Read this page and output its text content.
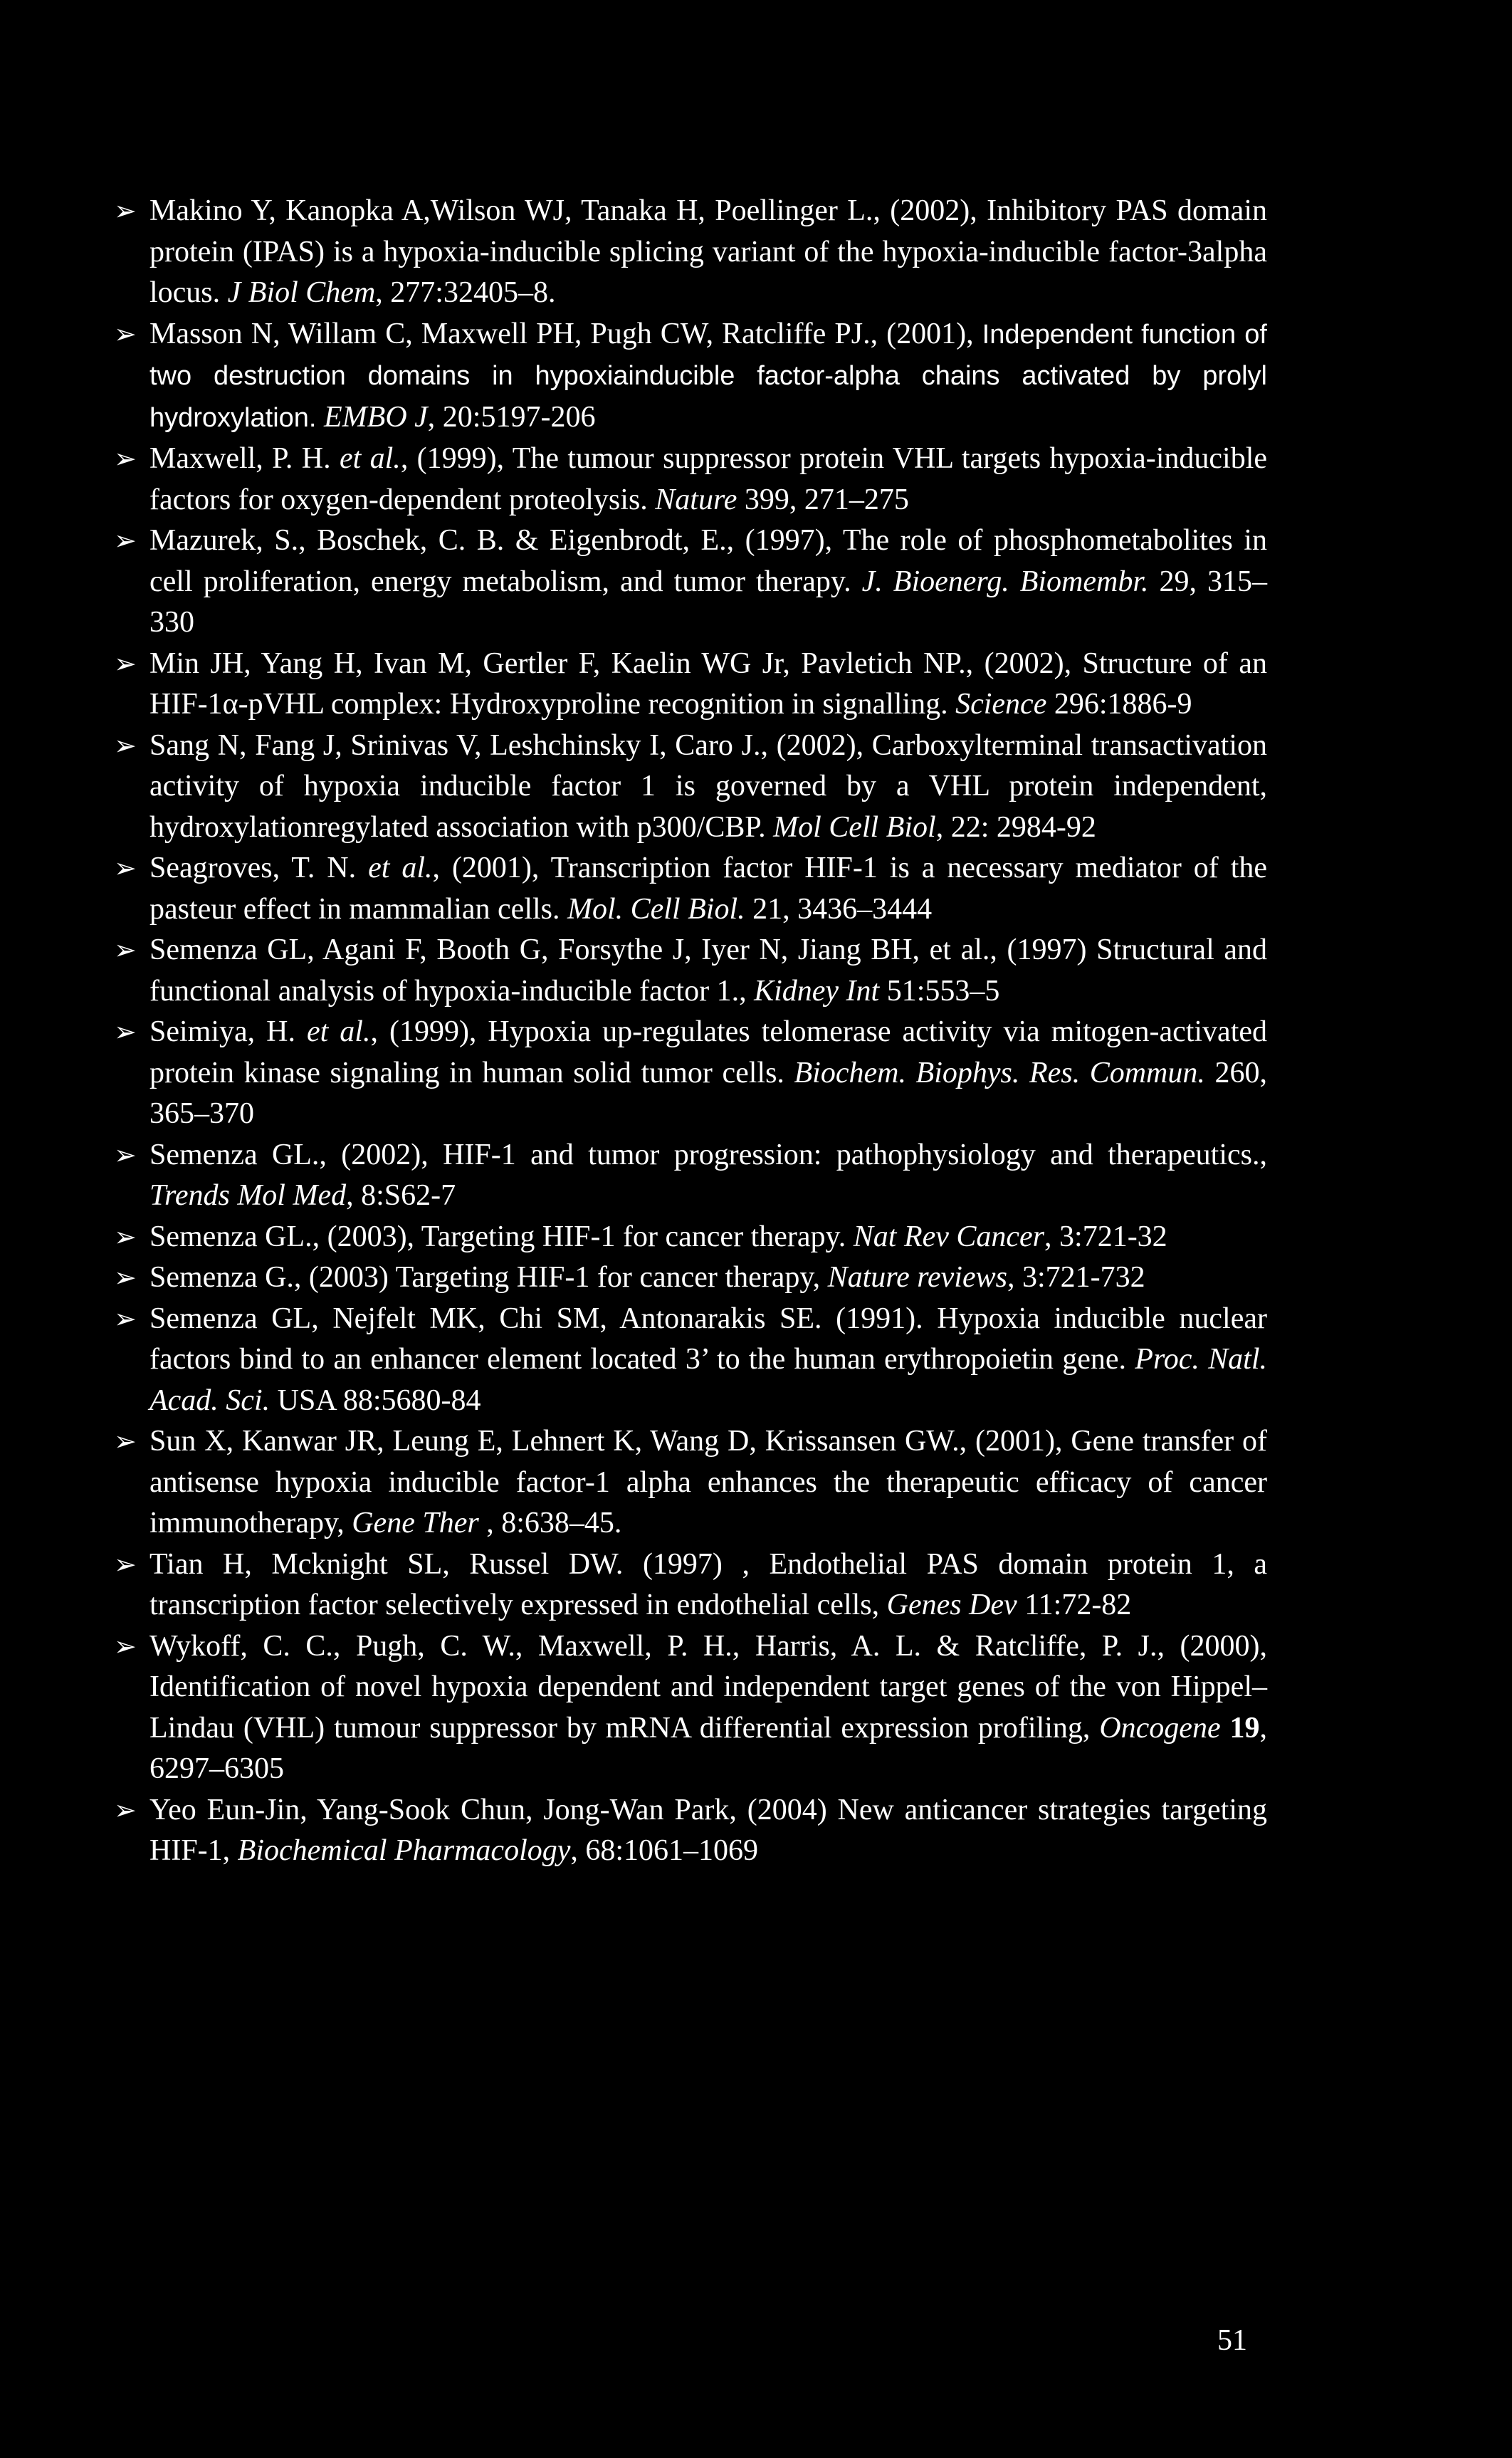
➢ Makino Y, Kanopka A,Wilson WJ, Tanaka H, Poellinger L., (2002), Inhibitory PAS domain protein (IPAS) is a hypoxia-inducible splicing variant of the hypoxia-inducible factor-3alpha locus. J Biol Chem, 277:32405–8.
➢ Masson N, Willam C, Maxwell PH, Pugh CW, Ratcliffe PJ., (2001), Independent function of two destruction domains in hypoxiainducible factor-alpha chains activated by prolyl hydroxylation. EMBO J, 20:5197-206
➢ Maxwell, P. H. et al., (1999), The tumour suppressor protein VHL targets hypoxia-inducible factors for oxygen-dependent proteolysis. Nature 399, 271–275
➢ Mazurek, S., Boschek, C. B. & Eigenbrodt, E., (1997), The role of phosphometabolites in cell proliferation, energy metabolism, and tumor therapy. J. Bioenerg. Biomembr. 29, 315–330
➢ Min JH, Yang H, Ivan M, Gertler F, Kaelin WG Jr, Pavletich NP., (2002), Structure of an HIF-1α-pVHL complex: Hydroxyproline recognition in signalling. Science 296:1886-9
➢ Sang N, Fang J, Srinivas V, Leshchinsky I, Caro J., (2002), Carboxylterminal transactivation activity of hypoxia inducible factor 1 is governed by a VHL protein independent, hydroxylationregylated association with p300/CBP. Mol Cell Biol, 22: 2984-92
➢ Seagroves, T. N. et al., (2001), Transcription factor HIF-1 is a necessary mediator of the pasteur effect in mammalian cells. Mol. Cell Biol. 21, 3436–3444
➢ Semenza GL, Agani F, Booth G, Forsythe J, Iyer N, Jiang BH, et al., (1997) Structural and functional analysis of hypoxia-inducible factor 1., Kidney Int 51:553–5
➢ Seimiya, H. et al., (1999), Hypoxia up-regulates telomerase activity via mitogen-activated protein kinase signaling in human solid tumor cells. Biochem. Biophys. Res. Commun. 260, 365–370
➢ Semenza GL., (2002), HIF-1 and tumor progression: pathophysiology and therapeutics., Trends Mol Med, 8:S62-7
➢ Semenza GL., (2003), Targeting HIF-1 for cancer therapy. Nat Rev Cancer, 3:721-32
➢ Semenza G., (2003) Targeting HIF-1 for cancer therapy, Nature reviews, 3:721-732
➢ Semenza GL, Nejfelt MK, Chi SM, Antonarakis SE. (1991). Hypoxia inducible nuclear factors bind to an enhancer element located 3’ to the human erythropoietin gene. Proc. Natl. Acad. Sci. USA 88:5680-84
➢ Sun X, Kanwar JR, Leung E, Lehnert K, Wang D, Krissansen GW., (2001), Gene transfer of antisense hypoxia inducible factor-1 alpha enhances the therapeutic efficacy of cancer immunotherapy, Gene Ther , 8:638–45.
➢ Tian H, Mcknight SL, Russel DW. (1997) , Endothelial PAS domain protein 1, a transcription factor selectively expressed in endothelial cells, Genes Dev 11:72-82
➢ Wykoff, C. C., Pugh, C. W., Maxwell, P. H., Harris, A. L. & Ratcliffe, P. J., (2000), Identification of novel hypoxia dependent and independent target genes of the von Hippel–Lindau (VHL) tumour suppressor by mRNA differential expression profiling, Oncogene 19, 6297–6305
➢ Yeo Eun-Jin, Yang-Sook Chun, Jong-Wan Park, (2004) New anticancer strategies targeting HIF-1, Biochemical Pharmacology, 68:1061–1069
51
